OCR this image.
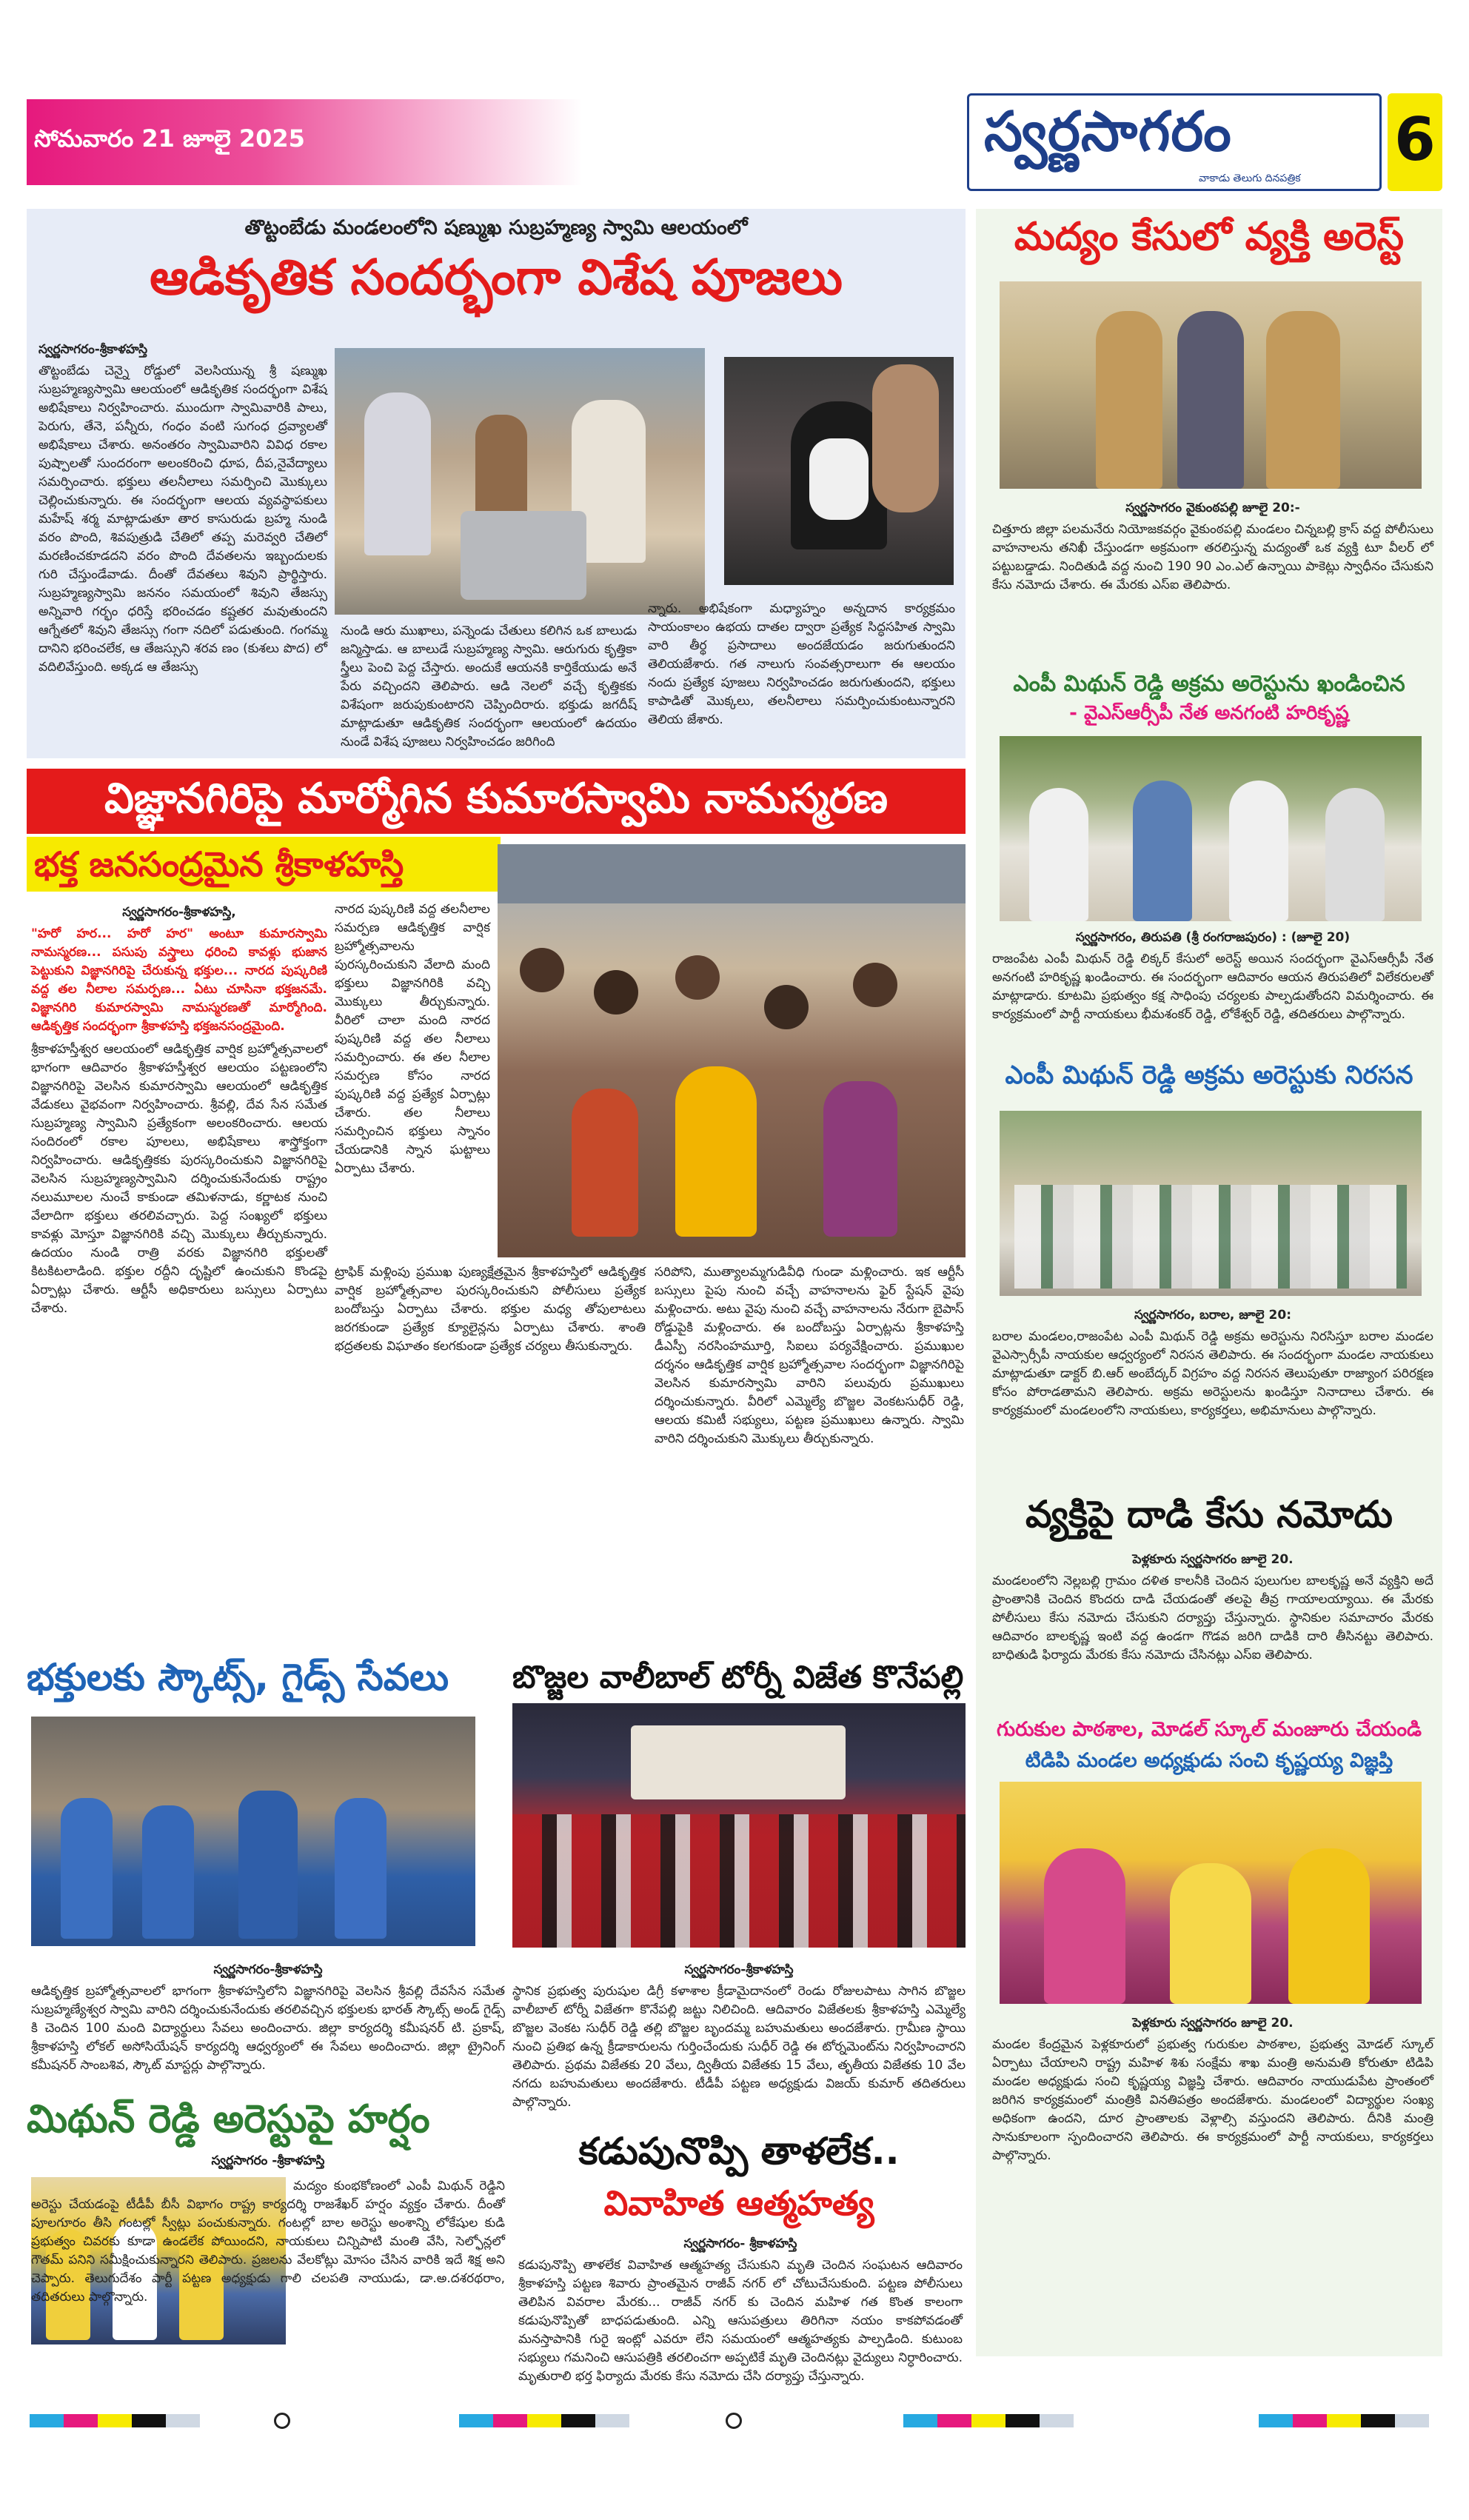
సోమవారం 21 జూలై 2025	స్వర్ణసాగరం
వాకాడు తెలుగు దినపత్రిక
6
తొట్టంబేడు మండలంలోని షణ్ముఖ సుబ్రహ్మణ్య స్వామి ఆలయంలో
ఆడికృతిక సందర్భంగా విశేష పూజలు
స్వర్ణసాగరం-శ్రీకాళహస్తి
తొట్టంబేడు చెన్నై రోడ్డులో వెలసియున్న శ్రీ షణ్ముఖ సుబ్రహ్మణ్యస్వామి ఆలయంలో ఆడికృతిక సందర్భంగా విశేష అభిషేకాలు నిర్వహించారు. ముందుగా స్వామివారికి పాలు, పెరుగు, తేనె, పన్నీరు, గంధం వంటి సుగంధ ద్రవ్యాలతో అభిషేకాలు చేశారు. అనంతరం స్వామివారిని వివిధ రకాల పుష్పాలతో సుందరంగా అలంకరించి ధూప, దీప,నైవేద్యాలు సమర్పించారు. భక్తులు తలనీలాలు సమర్పించి మొక్కులు చెల్లించుకున్నారు. ఈ సందర్భంగా ఆలయ వ్యవస్థాపకులు మహేష్ శర్మ మాట్లాడుతూ తార కాసురుడు బ్రహ్మ నుండి వరం పొంది, శివపుత్రుడి చేతిలో తప్ప మరెవ్వరి చేతిలో మరణించకూడదని వరం పొంది దేవతలను ఇబ్బందులకు గురి చేస్తుండేవాడు. దీంతో దేవతలు శివుని ప్రార్థిస్తారు. సుబ్రహ్మణ్యస్వామి జననం సమయంలో శివుని తేజస్సు అన్నివారి గర్భం ధరిస్తే భరించడం కష్టతర మవుతుందని ఆగ్నేతలో శివుని తేజస్సు గంగా నదిలో పడుతుంది. గంగమ్మ దానిని భరించలేక, ఆ తేజస్సుని శరవ ణం (కుశలు పొద) లో వదిలివేస్తుంది. అక్కడ ఆ తేజస్సు
నుండి ఆరు ముఖాలు, పన్నెండు చేతులు కలిగిన ఒక బాలుడు జన్మిస్తాడు. ఆ బాలుడే సుబ్రహ్మణ్య స్వామి. ఆరుగురు కృత్తికా స్త్రీలు పెంచి పెద్ద చేస్తారు. అందుకే ఆయనకి కార్తికేయుడు అనే పేరు వచ్చిందని తెలిపారు. ఆడి నెలలో వచ్చే కృత్తికకు విశేషంగా జరుపుకుంటారని చెప్పిందిరారు. భక్తుడు జగదీష్ మాట్లాడుతూ ఆడికృతిక సందర్భంగా ఆలయంలో ఉదయం నుండే విశేష పూజలు నిర్వహించడం జరిగింది
న్నారు. అభిషేకంగా మధ్యాహ్నం అన్నదాన కార్యక్రమం సాయంకాలం ఉభయ దాతల ద్వారా ప్రత్యేక సిద్ధసహిత స్వామి వారి తీర్థ ప్రసాదాలు అందజేయడం జరుగుతుందని తెలియజేశారు. గత నాలుగు సంవత్సరాలుగా ఈ ఆలయం నందు ప్రత్యేక పూజలు నిర్వహించడం జరుగుతుందని, భక్తులు కాపాడితో మొక్కలు, తలనీలాలు సమర్పించుకుంటున్నారని తెలియ జేశారు.
విజ్ఞానగిరిపై మార్మోగిన కుమారస్వామి నామస్మరణ
భక్త జనసంద్రమైన శ్రీకాళహస్తి
స్వర్ణసాగరం-శ్రీకాళహస్తి,
"హరో హర... హరో హర" అంటూ కుమారస్వామి నామస్మరణ... పసుపు వస్త్రాలు ధరించి కావళ్లు భుజాన పెట్టుకుని విజ్ఞానగిరిపై చేరుకున్న భక్తుల... నారద పుష్కరిణి వద్ద తల నీలాల సమర్పణ... ఏటు చూసినా భక్తజనమే. విజ్ఞానగిరి కుమారస్వామి నామస్మరణతో మార్మోగింది. ఆడికృత్తిక సందర్భంగా శ్రీకాళహస్తి భక్తజనసంద్రమైంది.
శ్రీకాళహస్తీశ్వర ఆలయంలో ఆడికృత్తిక వార్షిక బ్రహ్మోత్సవాలలో భాగంగా ఆదివారం శ్రీకాళహస్తీశ్వర ఆలయం పట్టణంలోని విజ్ఞానగిరిపై వెలసిన కుమారస్వామి ఆలయంలో ఆడికృత్తిక వేడుకలు వైభవంగా నిర్వహించారు. శ్రీవల్లి, దేవ సేన సమేత సుబ్రహ్మణ్య స్వామిని ప్రత్యేకంగా అలంకరించారు. ఆలయ సందిరంలో రకాల పూలలు, అభిషేకాలు శాస్త్రోక్తంగా నిర్వహించారు. ఆడికృత్తికకు పురస్కరించుకుని విజ్ఞానగిరిపై వెలసిన సుబ్రహ్మణ్యస్వామిని దర్శించుకునేందుకు రాష్ట్రం నలుమూలల నుంచే కాకుండా తమిళనాడు, కర్ణాటక నుంచి వేలాదిగా భక్తులు తరలివచ్చారు. పెద్ద సంఖ్యలో భక్తులు కావళ్లు మోస్తూ విజ్ఞానగిరికి వచ్చి మొక్కులు తీర్చుకున్నారు. ఉదయం నుండి రాత్రి వరకు విజ్ఞానగిరి భక్తులతో కిటకిటలాడింది. భక్తుల రద్దీని దృష్టిలో ఉంచుకుని కొండపై ఏర్పాట్లు చేశారు. ఆర్టీసీ అధికారులు బస్సులు ఏర్పాటు చేశారు.
నారద పుష్కరిణి వద్ద తలనీలాల సమర్పణ ఆడికృత్తిక వార్షిక బ్రహ్మోత్సవాలను పురస్కరించుకుని వేలాది మంది భక్తులు విజ్ఞానగిరికి వచ్చి మొక్కులు తీర్చుకున్నారు. వీరిలో చాలా మంది నారద పుష్కరిణి వద్ద తల నీలాలు సమర్పించారు. ఈ తల నీలాల సమర్పణ కోసం నారద పుష్కరిణి వద్ద ప్రత్యేక ఏర్పాట్లు చేశారు. తల నీలాలు సమర్పించిన భక్తులు స్నానం చేయడానికి స్నాన ఘట్టాలు ఏర్పాటు చేశారు.
ట్రాఫిక్ మళ్లింపు ప్రముఖ పుణ్యక్షేత్రమైన శ్రీకాళహస్తిలో ఆడికృత్తిక వార్షిక బ్రహ్మోత్సవాల పురస్కరించుకుని పోలీసులు ప్రత్యేక బందోబస్తు ఏర్పాటు చేశారు. భక్తుల మధ్య తోపులాటలు జరగకుండా ప్రత్యేక క్యూలైన్లను ఏర్పాటు చేశారు. శాంతి భద్రతలకు విఘాతం కలగకుండా ప్రత్యేక చర్యలు తీసుకున్నారు.
సరిపోని, ముత్యాలమ్మగుడివీధి గుండా మళ్లించారు. ఇక ఆర్టీసీ బస్సులు పైపు నుంచి వచ్చే వాహనాలను ఫైర్ స్టేషన్ వైపు మళ్లించారు. అటు వైపు నుంచి వచ్చే వాహనాలను నేరుగా బైపాస్ రోడ్డుపైకి మళ్లించారు. ఈ బందోబస్తు ఏర్పాట్లను శ్రీకాళహస్తి డీఎస్పీ నరసింహమూర్తి, సిఐలు పర్యవేక్షించారు. ప్రముఖుల దర్శనం ఆడికృత్తిక వార్షిక బ్రహ్మోత్సవాల సందర్భంగా విజ్ఞానగిరిపై వెలసిన కుమారస్వామి వారిని పలువురు ప్రముఖులు దర్శించుకున్నారు. వీరిలో ఎమ్మెల్యే బొజ్జల వెంకటసుధీర్ రెడ్డి, ఆలయ కమిటీ సభ్యులు, పట్టణ ప్రముఖులు ఉన్నారు. స్వామి వారిని దర్శించుకుని మొక్కులు తీర్చుకున్నారు.
భక్తులకు స్కౌట్స్, గైడ్స్ సేవలు
స్వర్ణసాగరం-శ్రీకాళహస్తి
ఆడికృత్తిక బ్రహ్మోత్సవాలలో భాగంగా శ్రీకాళహస్తిలోని విజ్ఞానగిరిపై వెలసిన శ్రీవల్లి దేవసేన సమేత సుబ్రహ్మణ్యేశ్వర స్వామి వారిని దర్శించుకునేందుకు తరలివచ్చిన భక్తులకు భారత్ స్కౌట్స్ అండ్ గైడ్స్ కి చెందిన 100 మంది విద్యార్థులు సేవలు అందించారు. జిల్లా కార్యదర్శి కమీషనర్ టి. ప్రకాష్, శ్రీకాళహస్తి లోకల్ అసోసియేషన్ కార్యదర్శి ఆధ్వర్యంలో ఈ సేవలు అందించారు. జిల్లా ట్రైనింగ్ కమీషనర్ సాంబశివ, స్కౌట్ మాస్టర్లు పాల్గొన్నారు.
బొజ్జల వాలీబాల్ టోర్నీ విజేత కొనేపల్లి
స్వర్ణసాగరం-శ్రీకాళహస్తి
స్థానిక ప్రభుత్వ పురుషుల డిగ్రీ కళాశాల క్రీడామైదానంలో రెండు రోజులపాటు సాగిన బొజ్జల వాలీబాల్ టోర్నీ విజేతగా కొనేపల్లి జట్టు నిలిచింది. ఆదివారం విజేతలకు శ్రీకాళహస్తి ఎమ్మెల్యే బొజ్జల వెంకట సుధీర్ రెడ్డి తల్లి బొజ్జల బృందమ్మ బహుమతులు అందజేశారు. గ్రామీణ స్థాయి నుంచి ప్రతిభ ఉన్న క్రీడాకారులను గుర్తించేందుకు సుధీర్ రెడ్డి ఈ టోర్నమెంట్‌ను నిర్వహించారని తెలిపారు. ప్రథమ విజేతకు 20 వేలు, ద్వితీయ విజేతకు 15 వేలు, తృతీయ విజేతకు 10 వేల నగదు బహుమతులు అందజేశారు. టీడీపీ పట్టణ అధ్యక్షుడు విజయ్ కుమార్ తదితరులు పాల్గొన్నారు.
మిథున్ రెడ్డి అరెస్టుపై హర్షం
స్వర్ణసాగరం -శ్రీకాళహస్తి
మద్యం కుంభకోణంలో ఎంపీ మిథున్ రెడ్డిని అరెస్టు చేయడంపై టీడీపీ బీసీ విభాగం రాష్ట్ర కార్యదర్శి రాజశేఖర్ హర్షం వ్యక్తం చేశారు. దీంతో పూలగూరం తీసి గంటల్లో స్వీట్లు పంచుకున్నారు. గంటల్లో బాల అరెస్టు అంశాన్ని లోకేషుల కుడి ప్రభుత్వం చివరకు కూడా ఉండలేక పోయిందని, నాయకులు చిన్నిపాటి మంతి వేసి, సెల్ఫోన్లలో గౌతమ్ పనిని సమీక్షించుకున్నారని తెలిపారు. ప్రజలను వేలకోట్లు మోసం చేసిన వారికి ఇదే శిక్ష అని చెప్పారు. తెలుగుదేశం పార్టీ పట్టణ అధ్యక్షుడు గాలి చలపతి నాయుడు, డా.అ.దశరథరాం, తదితరులు పాల్గొన్నారు.
కడుపునొప్పి తాళలేక..
వివాహిత ఆత్మహత్య
స్వర్ణసాగరం- శ్రీకాళహస్తి
కడుపునొప్పి తాళలేక వివాహిత ఆత్మహత్య చేసుకుని మృతి చెందిన సంఘటన ఆదివారం శ్రీకాళహస్తి పట్టణ శివారు ప్రాంతమైన రాజీవ్ నగర్ లో చోటుచేసుకుంది. పట్టణ పోలీసులు తెలిపిన వివరాల మేరకు... రాజీవ్ నగర్ కు చెందిన మహిళ గత కొంత కాలంగా కడుపునొప్పితో బాధపడుతుంది. ఎన్ని ఆసుపత్రులు తిరిగినా నయం కాకపోవడంతో మనస్తాపానికి గురై ఇంట్లో ఎవరూ లేని సమయంలో ఆత్మహత్యకు పాల్పడింది. కుటుంబ సభ్యులు గమనించి ఆసుపత్రికి తరలించగా అప్పటికే మృతి చెందినట్లు వైద్యులు నిర్ధారించారు. మృతురాలి భర్త ఫిర్యాదు మేరకు కేసు నమోదు చేసి దర్యాప్తు చేస్తున్నారు.
మద్యం కేసులో వ్యక్తి అరెస్ట్
స్వర్ణసాగరం వైకుంఠపల్లి జూలై 20:-
చిత్తూరు జిల్లా పలమనేరు నియోజకవర్గం వైకుంఠపల్లి మండలం చిన్నబల్లి క్రాస్ వద్ద పోలీసులు వాహనాలను తనిఖీ చేస్తుండగా అక్రమంగా తరలిస్తున్న మద్యంతో ఒక వ్యక్తి టూ వీలర్ లో పట్టుబడ్డాడు. నిందితుడి వద్ద నుంచి 190 90 ఎం.ఎల్ ఉన్నాయి పాకెట్లు స్వాధీనం చేసుకుని కేసు నమోదు చేశారు. ఈ మేరకు ఎస్ఐ తెలిపారు.
ఎంపీ మిథున్ రెడ్డి అక్రమ అరెస్టును ఖండించిన
- వైఎస్ఆర్సీపీ నేత అనగంటి హరికృష్ణ
స్వర్ణసాగరం, తిరుపతి (శ్రీ రంగరాజపురం) : (జూలై 20)
రాజంపేట ఎంపీ మిథున్ రెడ్డి లిక్కర్ కేసులో అరెస్ట్ అయిన సందర్భంగా వైఎస్ఆర్సీపీ నేత అనగంటి హరికృష్ణ ఖండించారు. ఈ సందర్భంగా ఆదివారం ఆయన తిరుపతిలో విలేకరులతో మాట్లాడారు. కూటమి ప్రభుత్వం కక్ష సాధింపు చర్యలకు పాల్పడుతోందని విమర్శించారు. ఈ కార్యక్రమంలో పార్టీ నాయకులు భీమశంకర్ రెడ్డి, లోకేశ్వర్ రెడ్డి, తదితరులు పాల్గొన్నారు.
ఎంపీ మిథున్ రెడ్డి అక్రమ అరెస్టుకు నిరసన
స్వర్ణసాగరం, బరాల, జూలై 20:
బరాల మండలం,రాజంపేట ఎంపీ మిథున్ రెడ్డి అక్రమ అరెస్టును నిరసిస్తూ బరాల మండల వైఎస్సార్సీపీ నాయకుల ఆధ్వర్యంలో నిరసన తెలిపారు. ఈ సందర్భంగా మండల నాయకులు మాట్లాడుతూ డాక్టర్ బి.ఆర్ అంబేద్కర్ విగ్రహం వద్ద నిరసన తెలుపుతూ రాజ్యాంగ పరిరక్షణ కోసం పోరాడతామని తెలిపారు. అక్రమ అరెస్టులను ఖండిస్తూ నినాదాలు చేశారు. ఈ కార్యక్రమంలో మండలంలోని నాయకులు, కార్యకర్తలు, అభిమానులు పాల్గొన్నారు.
వ్యక్తిపై దాడి కేసు నమోదు
పెళ్లకూరు స్వర్ణసాగరం జూలై 20.
మండలంలోని నెల్లబల్లి గ్రామం దళిత కాలనీకి చెందిన పులుగుల బాలకృష్ణ అనే వ్యక్తిని అదే ప్రాంతానికి చెందిన కొందరు దాడి చేయడంతో తలపై తీవ్ర గాయాలయ్యాయి. ఈ మేరకు పోలీసులు కేసు నమోదు చేసుకుని దర్యాప్తు చేస్తున్నారు. స్థానికుల సమాచారం మేరకు ఆదివారం బాలకృష్ణ ఇంటి వద్ద ఉండగా గొడవ జరిగి దాడికి దారి తీసినట్టు తెలిపారు. బాధితుడి ఫిర్యాదు మేరకు కేసు నమోదు చేసినట్లు ఎస్ఐ తెలిపారు.
గురుకుల పాఠశాల, మోడల్ స్కూల్ మంజూరు చేయండి
టిడిపి మండల అధ్యక్షుడు సంచి కృష్ణయ్య విజ్ఞప్తి
పెళ్లకూరు స్వర్ణసాగరం జూలై 20.
మండల కేంద్రమైన పెళ్లకూరులో ప్రభుత్వ గురుకుల పాఠశాల, ప్రభుత్వ మోడల్ స్కూల్ ఏర్పాటు చేయాలని రాష్ట్ర మహిళ శిశు సంక్షేమ శాఖ మంత్రి అనుమతి కోరుతూ టిడిపి మండల అధ్యక్షుడు సంచి కృష్ణయ్య విజ్ఞప్తి చేశారు. ఆదివారం నాయుడుపేట ప్రాంతంలో జరిగిన కార్యక్రమంలో మంత్రికి వినతిపత్రం అందజేశారు. మండలంలో విద్యార్థుల సంఖ్య అధికంగా ఉందని, దూర ప్రాంతాలకు వెళ్లాల్సి వస్తుందని తెలిపారు. దీనికి మంత్రి సానుకూలంగా స్పందించారని తెలిపారు. ఈ కార్యక్రమంలో పార్టీ నాయకులు, కార్యకర్తలు పాల్గొన్నారు.
